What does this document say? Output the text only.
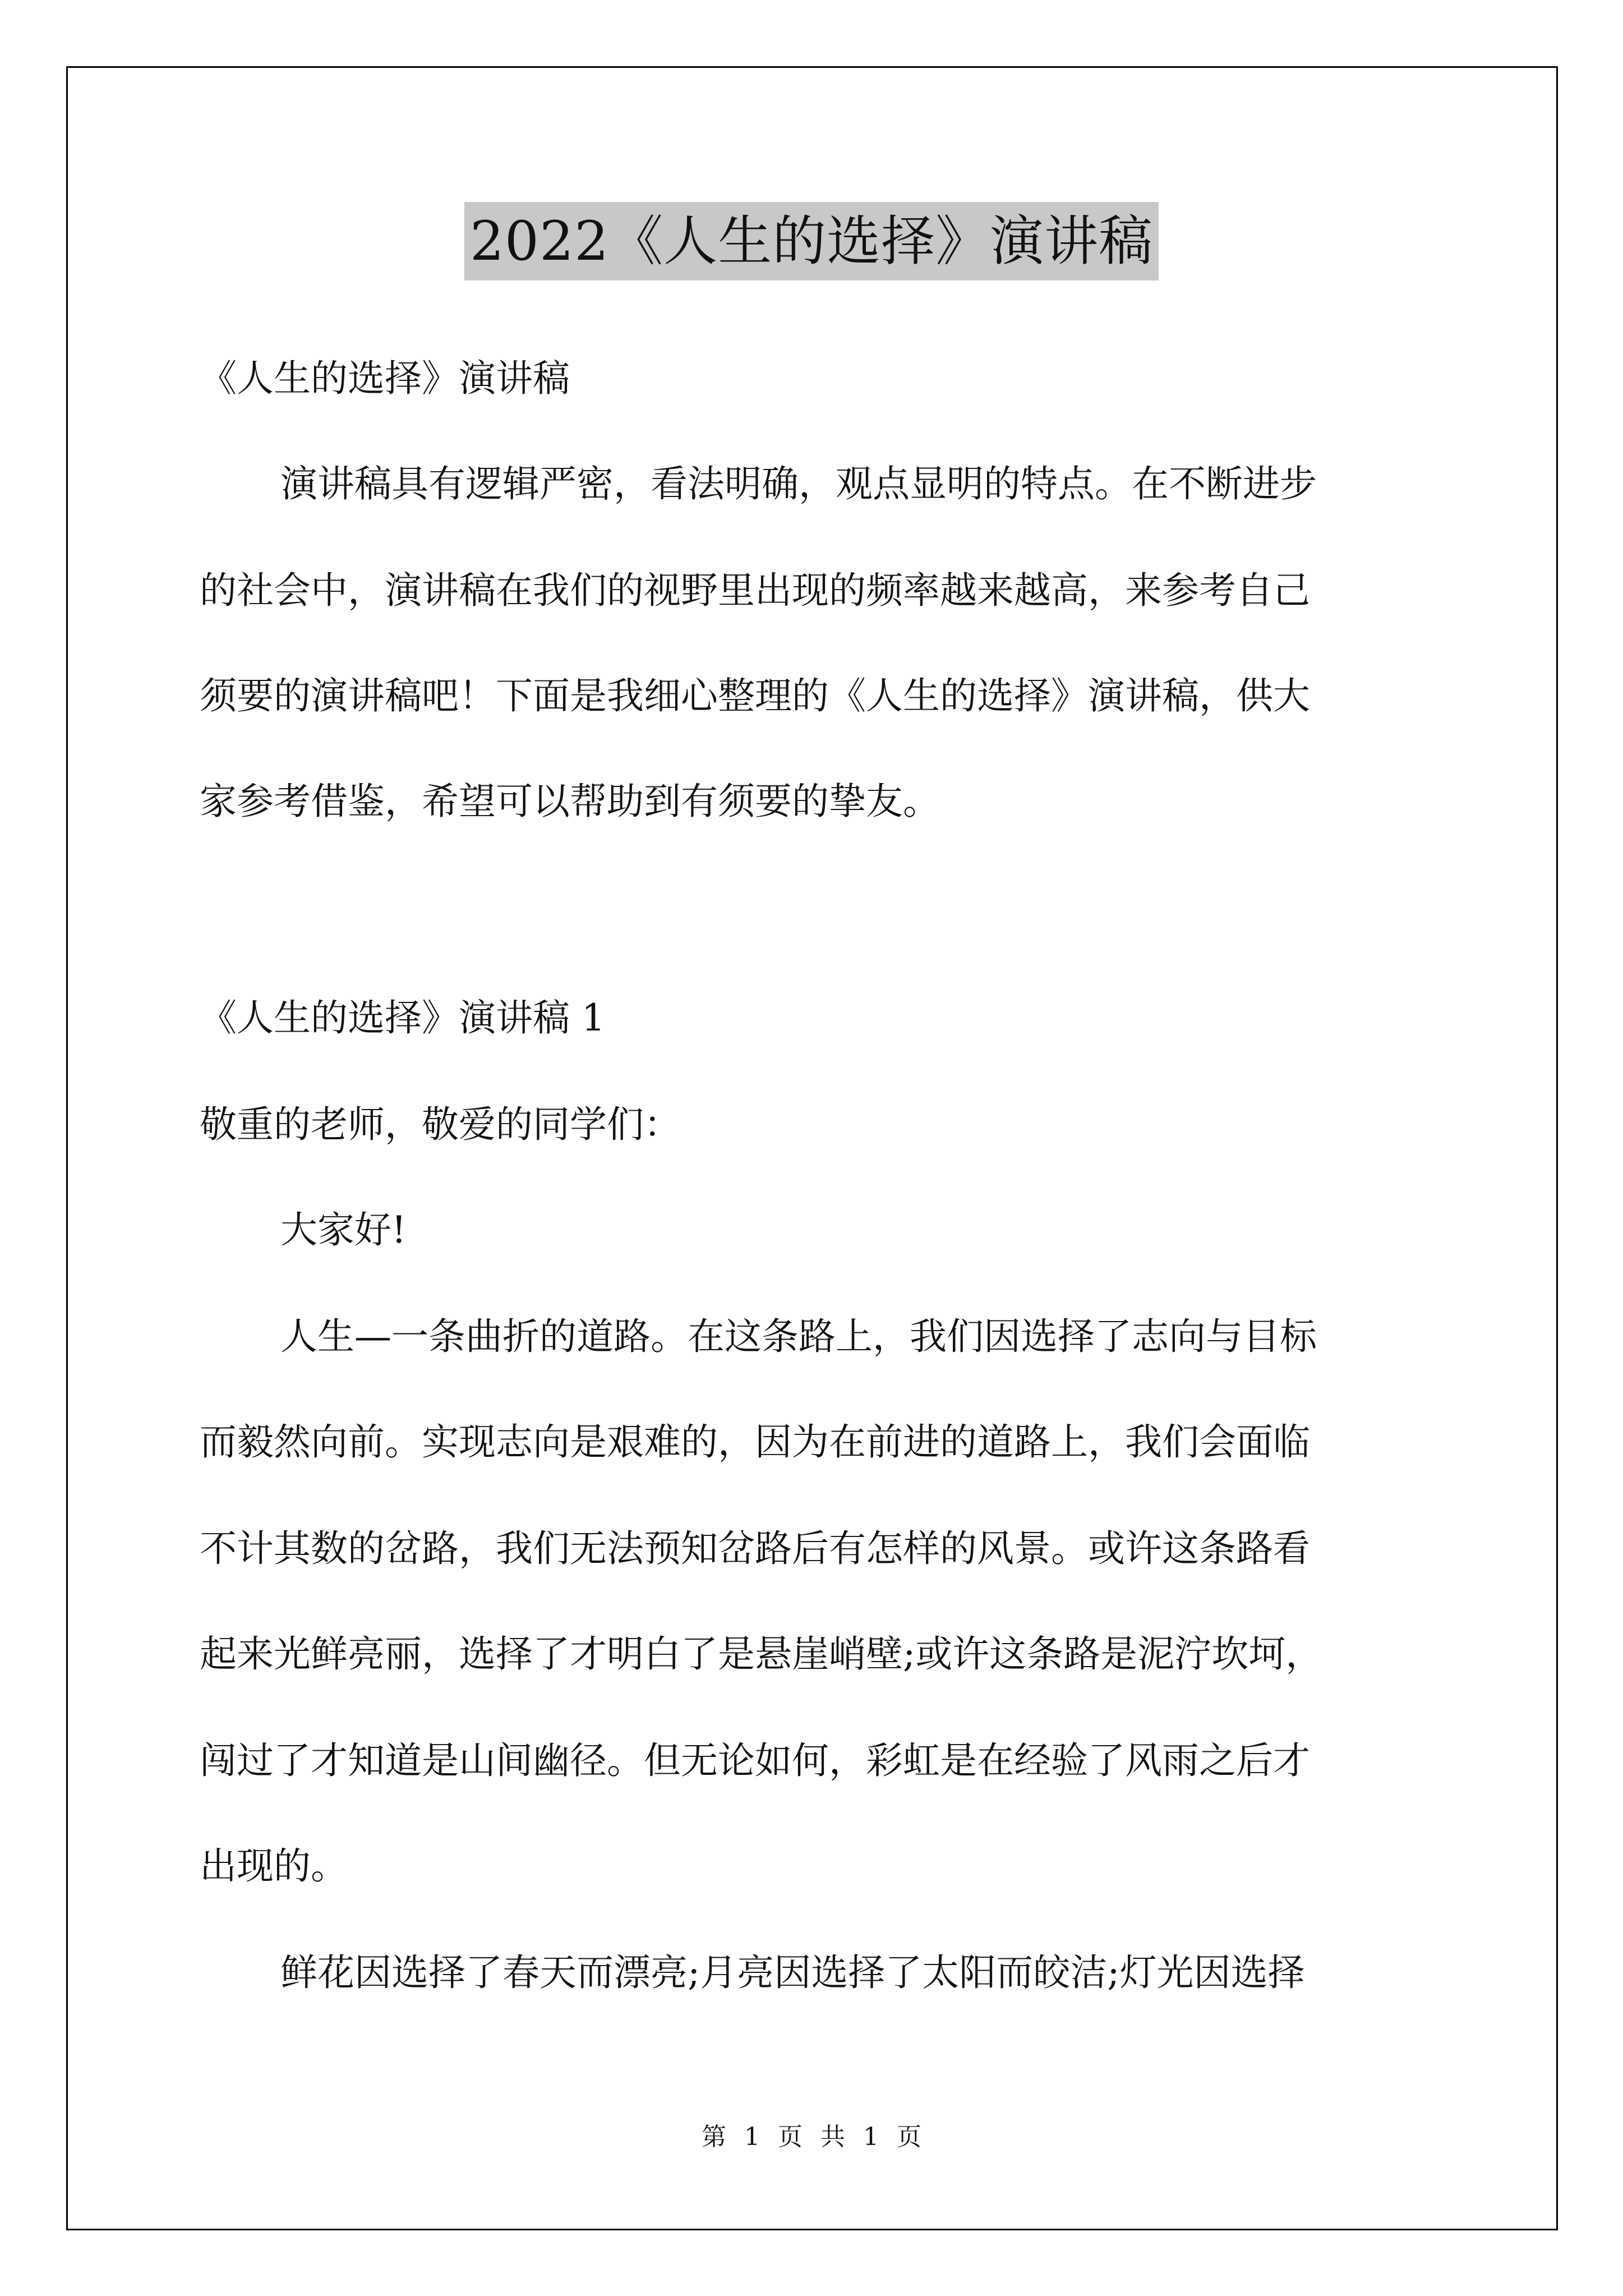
2022《人生的选择》演讲稿
《人生的选择》演讲稿
演讲稿具有逻辑严密，看法明确，观点显明的特点。在不断进步
的社会中，演讲稿在我们的视野里出现的频率越来越高，来参考自己
须要的演讲稿吧！下面是我细心整理的《人生的选择》演讲稿，供大
家参考借鉴，希望可以帮助到有须要的挚友。
《人生的选择》演讲稿 1
敬重的老师，敬爱的同学们：
大家好!
人生—一条曲折的道路。在这条路上，我们因选择了志向与目标
而毅然向前。实现志向是艰难的，因为在前进的道路上，我们会面临
不计其数的岔路，我们无法预知岔路后有怎样的风景。或许这条路看
起来光鲜亮丽，选择了才明白了是悬崖峭壁;或许这条路是泥泞坎坷，
闯过了才知道是山间幽径。但无论如何，彩虹是在经验了风雨之后才
出现的。
鲜花因选择了春天而漂亮;月亮因选择了太阳而皎洁;灯光因选择
第 1 页 共 1 页
